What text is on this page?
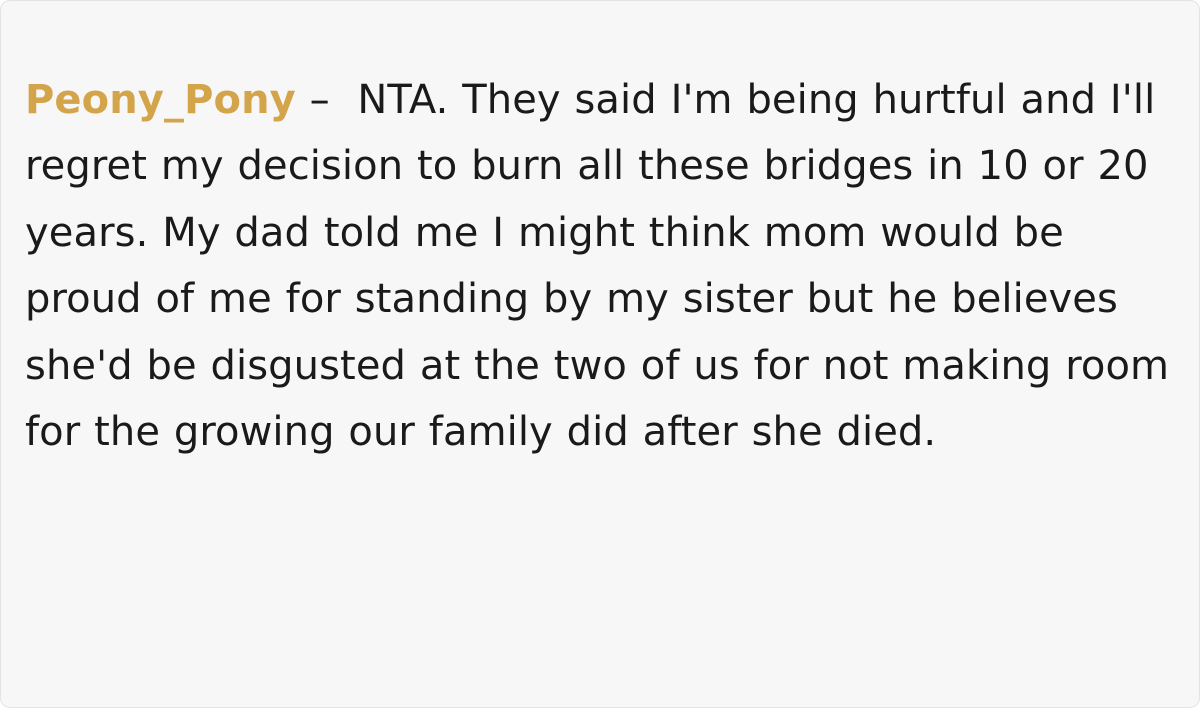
Peony_Pony –  NTA. They said I'm being hurtful and I'll regret my decision to burn all these bridges in 10 or 20 years. My dad told me I might think mom would be proud of me for standing by my sister but he believes she'd be disgusted at the two of us for not making room for the growing our family did after she died.
